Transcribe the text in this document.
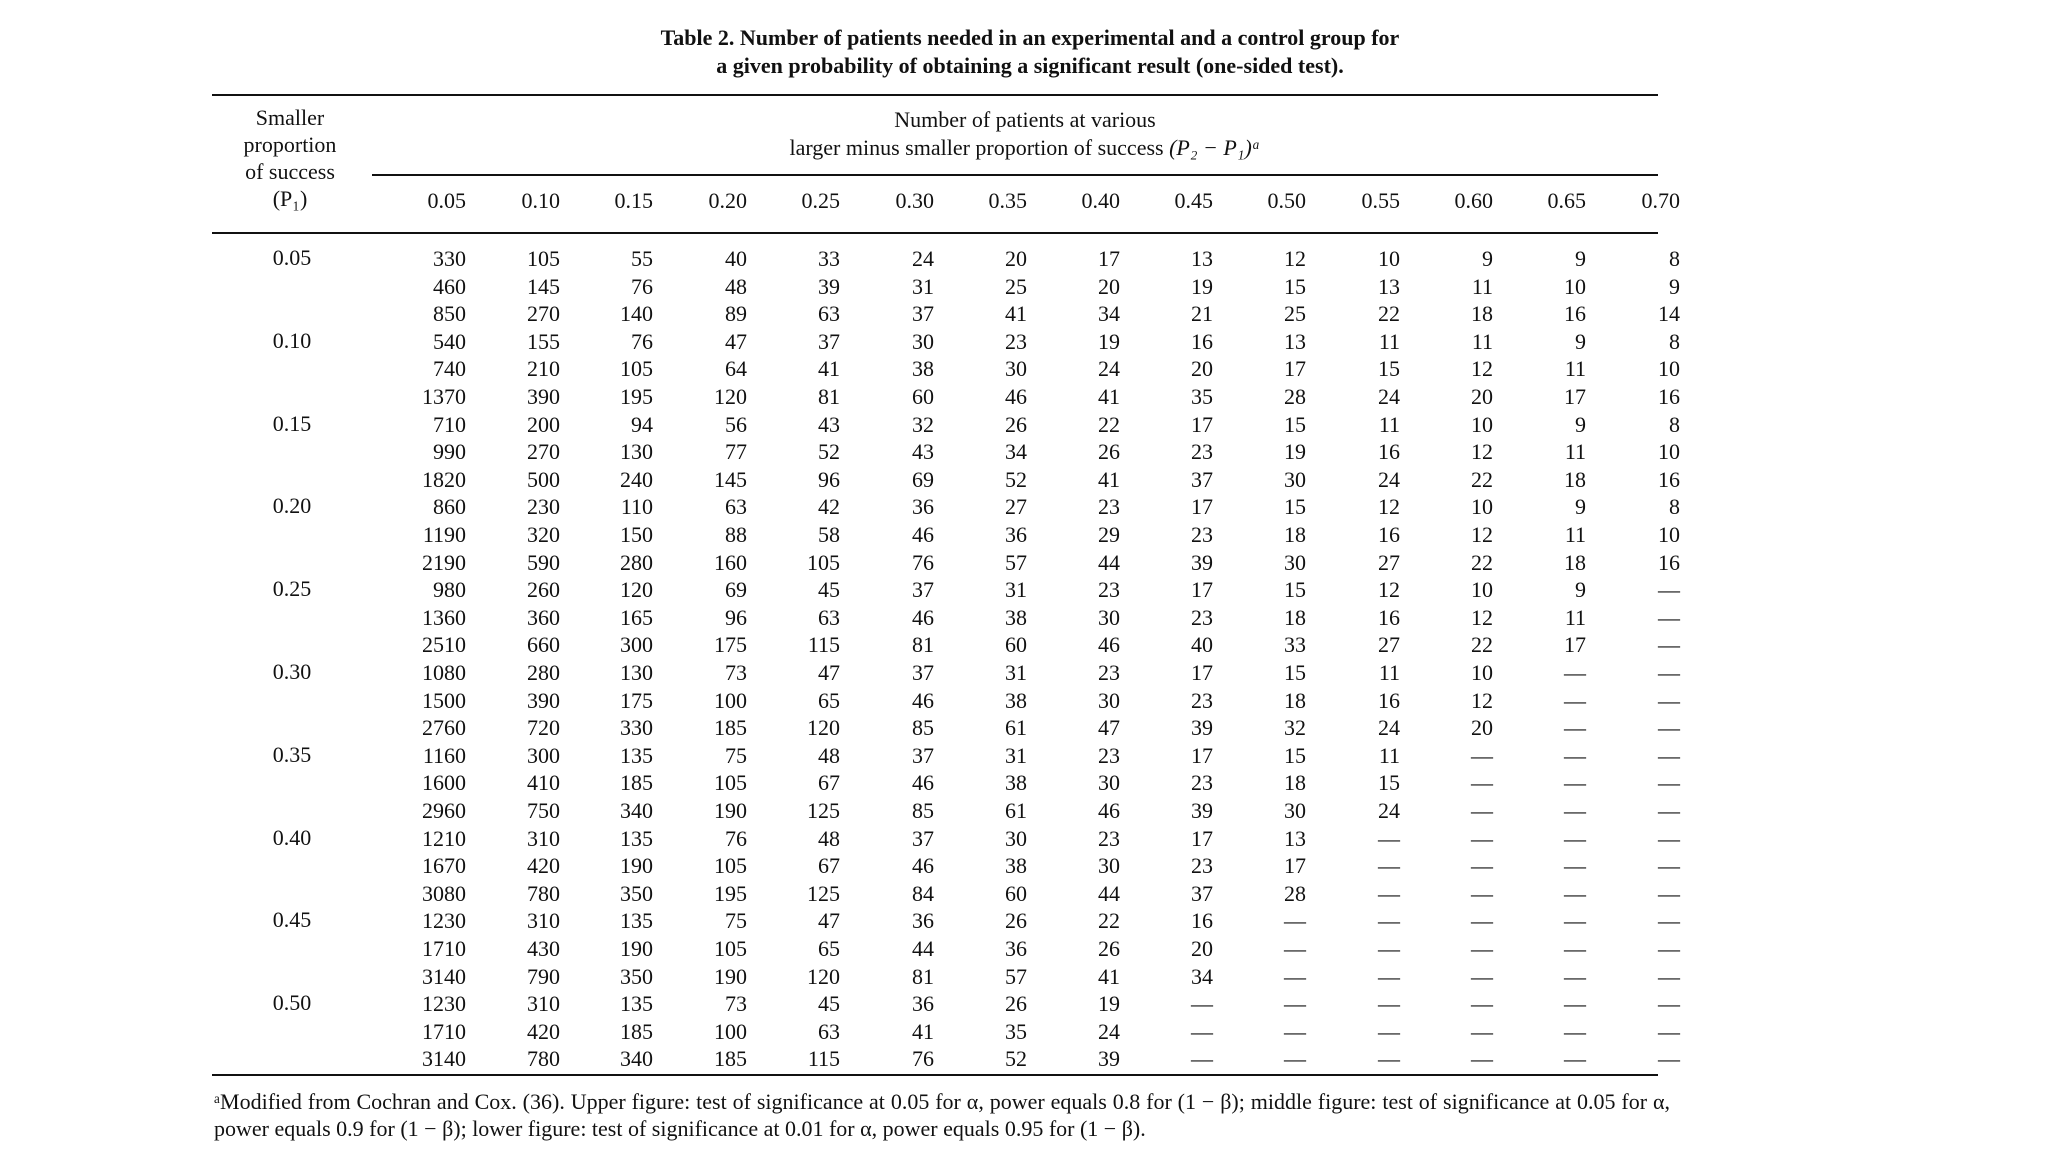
Table 2. Number of patients needed in an experimental and a control group for
a given probability of obtaining a significant result (one-sided test).
Smaller
proportion
of success
(P₁)
Number of patients at various
larger minus smaller proportion of success (P₂ − P₁)ᵃ
0.05	0.10	0.15	0.20	0.25	0.30	0.35	0.40	0.45	0.50	0.55	0.60	0.65	0.70
0.05	330	105	55	40	33	24	20	17	13	12	10	9	9	8
460	145	76	48	39	31	25	20	19	15	13	11	10	9
850	270	140	89	63	37	41	34	21	25	22	18	16	14
0.10	540	155	76	47	37	30	23	19	16	13	11	11	9	8
740	210	105	64	41	38	30	24	20	17	15	12	11	10
1370	390	195	120	81	60	46	41	35	28	24	20	17	16
0.15	710	200	94	56	43	32	26	22	17	15	11	10	9	8
990	270	130	77	52	43	34	26	23	19	16	12	11	10
1820	500	240	145	96	69	52	41	37	30	24	22	18	16
0.20	860	230	110	63	42	36	27	23	17	15	12	10	9	8
1190	320	150	88	58	46	36	29	23	18	16	12	11	10
2190	590	280	160	105	76	57	44	39	30	27	22	18	16
0.25	980	260	120	69	45	37	31	23	17	15	12	10	9	—
1360	360	165	96	63	46	38	30	23	18	16	12	11	—
2510	660	300	175	115	81	60	46	40	33	27	22	17	—
0.30	1080	280	130	73	47	37	31	23	17	15	11	10	—	—
1500	390	175	100	65	46	38	30	23	18	16	12	—	—
2760	720	330	185	120	85	61	47	39	32	24	20	—	—
0.35	1160	300	135	75	48	37	31	23	17	15	11	—	—	—
1600	410	185	105	67	46	38	30	23	18	15	—	—	—
2960	750	340	190	125	85	61	46	39	30	24	—	—	—
0.40	1210	310	135	76	48	37	30	23	17	13	—	—	—	—
1670	420	190	105	67	46	38	30	23	17	—	—	—	—
3080	780	350	195	125	84	60	44	37	28	—	—	—	—
0.45	1230	310	135	75	47	36	26	22	16	—	—	—	—	—
1710	430	190	105	65	44	36	26	20	—	—	—	—	—
3140	790	350	190	120	81	57	41	34	—	—	—	—	—
0.50	1230	310	135	73	45	36	26	19	—	—	—	—	—	—
1710	420	185	100	63	41	35	24	—	—	—	—	—	—
3140	780	340	185	115	76	52	39	—	—	—	—	—	—
ᵃModified from Cochran and Cox. (36). Upper figure: test of significance at 0.05 for α, power equals 0.8 for (1 − β); middle figure: test of significance at 0.05 for α, power equals 0.9 for (1 − β); lower figure: test of significance at 0.01 for α, power equals 0.95 for (1 − β).
